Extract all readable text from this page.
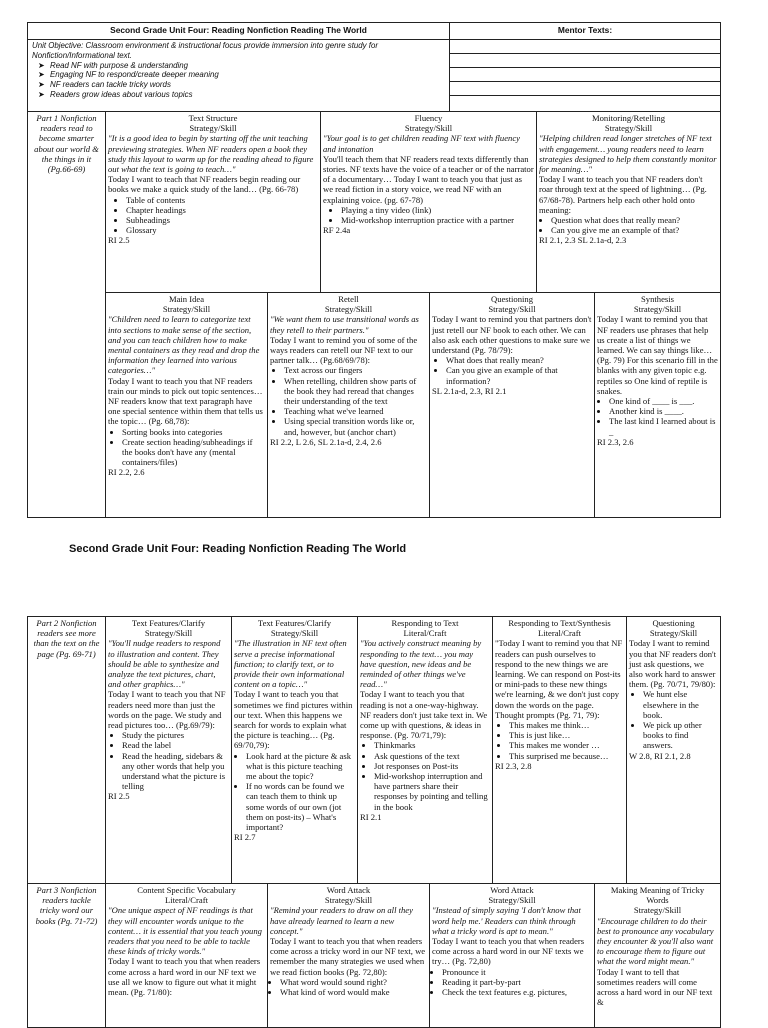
Second Grade Unit Four: Reading Nonfiction Reading The World	Mentor Texts:
Unit Objective: Classroom environment & instructional focus provide immersion into genre study for
Nonfiction/Informational text.
➤ Read NF with purpose & understanding
➤ Engaging NF to respond/create deeper meaning
➤ NF readers can tackle tricky words
➤ Readers grow ideas about various topics
Part 1 Nonfiction readers read to become smarter about our world & the things in it (Pg.66-69)
Text Structure
Strategy/Skill
"It is a good idea to begin by starting off the unit teaching previewing strategies. When NF readers open a book they study this layout to warm up for the reading ahead to figure out what the text is going to teach…"
Today I want to teach that NF readers begin reading our books we make a quick study of the land… (Pg. 66-78)
• Table of contents
• Chapter headings
• Subheadings
• Glossary
RI 2.5
Fluency
Strategy/Skill
"Your goal is to get children reading NF text with fluency and intonation
You'll teach them that NF readers read texts differently than stories. NF texts have the voice of a teacher or of the narrator of a documentary… Today I want to teach you that just as we read fiction in a story voice, we read NF with an explaining voice. (pg. 67-78)
• Playing a tiny video (link)
• Mid-workshop interruption practice with a partner
RF 2.4a
Monitoring/Retelling
Strategy/Skill
"Helping children read longer stretches of NF text with engagement… young readers need to learn strategies designed to help them constantly monitor for meaning…"
Today I want to teach you that NF readers don't roar through text at the speed of lightning… (Pg. 67/68-78). Partners help each other hold onto meaning:
• Question what does that really mean?
• Can you give me an example of that?
RI 2.1, 2.3 SL 2.1a-d, 2.3
Main Idea
Strategy/Skill
"Children need to learn to categorize text into sections to make sense of the section, and you can teach children how to make mental containers as they read and drop the information they learned into various categories…"
Today I want to teach you that NF readers train our minds to pick out topic sentences… NF readers know that text paragraph have one special sentence within them that tells us the topic… (Pg. 68,78):
• Sorting books into categories
• Create section heading/subheadings if the books don't have any (mental containers/files)
RI 2.2, 2.6
Retell
Strategy/Skill
"We want them to use transitional words as they retell to their partners."
Today I want to remind you of some of the ways readers can retell our NF text to our partner talk… (Pg.68/69/78):
• Text across our fingers
• When retelling, children show parts of the book they had reread that changes their understanding of the text
• Teaching what we've learned
• Using special transition words like or, and, however, but (anchor chart)
RI 2.2, L 2.6, SL 2.1a-d, 2.4, 2.6
Questioning
Strategy/Skill
Today I want to remind you that partners don't just retell our NF book to each other. We can also ask each other questions to make sure we understand (Pg. 78/79):
• What does that really mean?
• Can you give an example of that information?
SL 2.1a-d, 2.3, RI 2.1
Synthesis
Strategy/Skill
Today I want to remind you that NF readers use phrases that help us create a list of things we learned. We can say things like…(Pg. 79) For this scenario fill in the blanks with any given topic e.g. reptiles so One kind of reptile is snakes.
• One kind of ____ is ___.
• Another kind is ____.
• The last kind I learned about is _
RI 2.3, 2.6
Second Grade Unit Four: Reading Nonfiction Reading The World
Part 2 Nonfiction readers see more than the text on the page (Pg. 69-71)
Text Features/Clarify
Strategy/Skill
"You'll nudge readers to respond to illustration and content. They should be able to synthesize and analyze the text pictures, chart, and other graphics…"
Today I want to teach you that NF readers need more than just the words on the page. We study and read pictures too… (Pg.69/79):
• Study the pictures
• Read the label
• Read the heading, sidebars & any other words that help you understand what the picture is telling
RI 2.5
Text Features/Clarify
Strategy/Skill
"The illustration in NF text often serve a precise informational function; to clarify text, or to provide their own informational content on a topic…"
Today I want to teach you that sometimes we find pictures within our text. When this happens we search for words to explain what the picture is teaching… (Pg. 69/70,79):
• Look hard at the picture & ask what is this picture teaching me about the topic?
• If no words can be found we can teach them to think up some words of our own (jot them on post-its) – What's important?
RI 2.7
Responding to Text
Literal/Craft
"You actively construct meaning by responding to the text… you may have question, new ideas and be reminded of other things we've read…"
Today I want to teach you that reading is not a one-way-highway. NF readers don't just take text in. We come up with questions, & ideas in response. (Pg. 70/71,79):
• Thinkmarks
• Ask questions of the text
• Jot responses on Post-its
• Mid-workshop interruption and have partners share their responses by pointing and telling in the book
RI 2.1
Responding to Text/Synthesis
Literal/Craft
"Today I want to remind you that NF readers can push ourselves to respond to the new things we are learning. We can respond on Post-its or mini-pads to these new things we're learning, & we don't just copy down the words on the page. Thought prompts (Pg. 71, 79):
• This makes me think…
• This is just like…
• This makes me wonder …
• This surprised me because…
RI 2.3, 2.8
Questioning
Strategy/Skill
Today I want to remind you that NF readers don't just ask questions, we also work hard to answer them. (Pg. 70/71, 79/80):
• We hunt else elsewhere in the book.
• We pick up other books to find answers.
W 2.8, RI 2.1, 2.8
Part 3 Nonfiction readers tackle tricky word our books (Pg. 71-72)
Content Specific Vocabulary
Literal/Craft
"One unique aspect of NF readings is that they will encounter words unique to the content… it is essential that you teach young readers that you need to be able to tackle these kinds of tricky words."
Today I want to teach you that when readers come across a hard word in our NF text we use all we know to figure out what it might mean. (Pg. 71/80):
Word Attack
Strategy/Skill
"Remind your readers to draw on all they have already learned to learn a new concept."
Today I want to teach you that when readers come across a tricky word in our NF text, we remember the many strategies we used when we read fiction books (Pg. 72,80):
• What word would sound right?
• What kind of word would make
Word Attack
Strategy/Skill
"Instead of simply saying 'I don't know that word help me.' Readers can think through what a tricky word is apt to mean."
Today I want to teach you that when readers come across a hard word in our NF texts we try… (Pg. 72,80)
• Pronounce it
• Reading it part-by-part
• Check the text features e.g. pictures,
Making Meaning of Tricky
Words
Strategy/Skill
"Encourage children to do their best to pronounce any vocabulary they encounter & you'll also want to encourage them to figure out what the word might mean."
Today I want to tell that sometimes readers will come across a hard word in our NF text &
